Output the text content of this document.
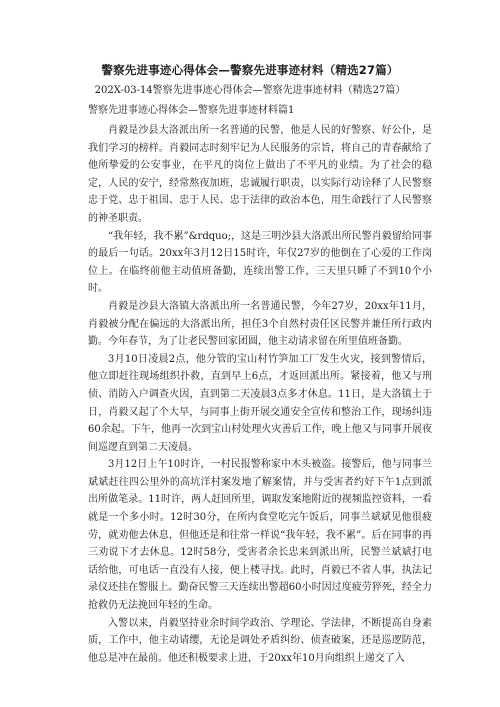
警察先进事迹心得体会—警察先进事迹材料（精选27篇）
202X-03-14警察先进事迹心得体会—警察先进事迹材料（精选27篇）
警察先进事迹心得体会—警察先进事迹材料篇1

肖毅是沙县大洛派出所一名普通的民警，他是人民的好警察、好公仆，是我们学习的榜样。肖毅同志时刻牢记为人民服务的宗旨，将自己的青春献给了他所挚爱的公安事业，在平凡的岗位上做出了不平凡的业绩。为了社会的稳定，人民的安宁，经常熬夜加班，忠诚履行职责，以实际行动诠释了人民警察忠于党、忠于祖国、忠于人民、忠于法律的政治本色，用生命践行了人民警察的神圣职责。

“我年轻，我不累”&rdquo;，这是三明沙县大洛派出所民警肖毅留给同事的最后一句话。20xx年3月12日15时许，年仅27岁的他倒在了心爱的工作岗位上。在临终前他主动值班备勤，连续出警工作，三天里只睡了不到10个小时。

肖毅是沙县大洛镇大洛派出所一名普通民警，今年27岁，20xx年11月，肖毅被分配在偏远的大洛派出所，担任3个自然村责任区民警并兼任所行政内勤。今年春节，为了让老民警回家团圆，他主动请求留在所里值班备勤。

3月10日凌晨2点，他分管的宝山村竹笋加工厂发生火灾，接到警情后，他立即赶往现场组织扑救，直到早上6点，才返回派出所。紧接着，他又与刑侦、消防入户调查火因，直到第二天凌晨3点多才休息。11日，是大洛镇土于日，肖毅又起了个大早，与同事上街开展交通安全宣传和整治工作，现场纠违60余起。下午，他再一次到宝山村处理火灾善后工作，晚上他又与同事开展夜间巡逻直到第二天凌晨。

3月12日上午10时许，一村民报警称家中木头被盗。接警后，他与同事兰斌斌赶往四公里外的高坑洋村案发地了解案情，并与受害者约好下午1点到派出所做笔录。11时许，两人赶回所里，调取发案地附近的视频监控资料，一看就是一个多小时。12时30分，在所内食堂吃完午饭后，同事兰斌斌见他很疲劳，就劝他去休息，但他还是和往常一样说“我年轻，我不累”。后在同事的再三劝说下才去休息。12时58分，受害者余长忠来到派出所，民警兰斌斌打电话给他，可电话一直没有人接，便上楼寻找。此时，肖毅已不省人事，执法记录仪还挂在警服上。勤奋民警三天连续出警超60小时因过度疲劳猝死，经全力抢救仍无法挽回年轻的生命。

入警以来，肖毅坚持业余时间学政治、学理论、学法律，不断提高自身素质，工作中，他主动请缨，无论是调处矛盾纠纷、侦查破案，还是巡逻防范，他总是冲在最前。他还积极要求上进，于20xx年10月向组织上递交了入
